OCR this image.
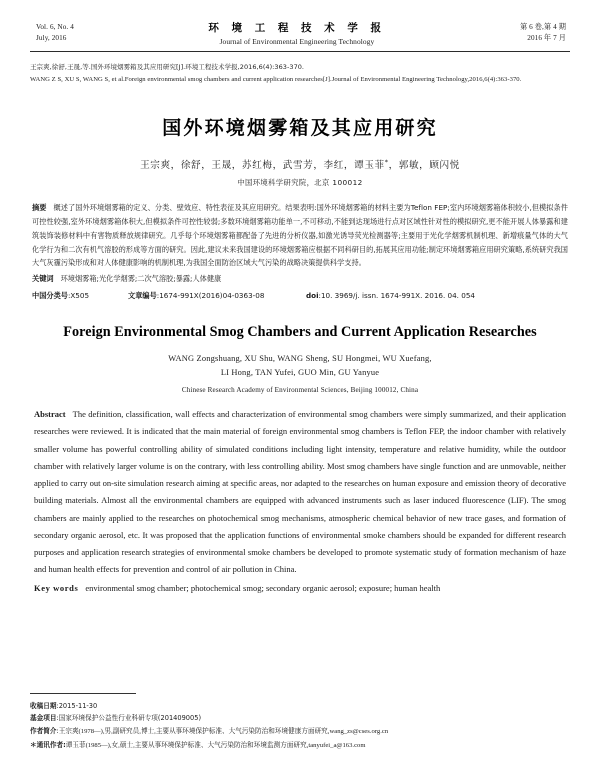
Vol. 6, No. 4
July, 2016
环 境 工 程 技 术 学 报
Journal of Environmental Engineering Technology
第 6 卷,第 4 期
2016 年 7 月
王宗爽,徐舒,王晟,等.国外环境烟雾箱及其应用研究[J].环境工程技术学报,2016,6(4):363-370.
WANG Z S, XU S, WANG S, et al.Foreign environmental smog chambers and current application researches[J].Journal of Environmental Engineering Technology,2016,6(4):363-370.
国外环境烟雾箱及其应用研究
王宗爽，徐舒，王晟，苏红梅，武雪芳，李红，谭玉菲*，郭敏，顾闪悦
中国环境科学研究院，北京 100012
摘要 概述了国外环境烟雾箱的定义、分类、壁效应、特性表征及其应用研究。结果表明:国外环境烟雾箱的材料主要为Teflon FEP;室内环境烟雾箱体积较小,但模拟条件可控性较强,室外环境烟雾箱体积大,但模拟条件可控性较弱;多数环境烟雾箱功能单一,不可移动,不能到达现场进行点对区域性针对性的模拟研究,更不能开展人体暴露和建筑装饰装修材料中有害物质释放规律研究。几乎每个环境烟雾箱都配备了先进的分析仪器,如激光诱导荧光检测器等;主要用于光化学烟雾机制机理、新增痕量气体的大气化学行为和二次有机气溶胶的形成等方面的研究。因此,建议未来我国建设的环境烟雾箱应根据不同科研目的,拓展其应用功能;制定环境烟雾箱应用研究策略,系统研究我国大气灰霾污染形成和对人体健康影响的机制机理,为我国全面防治区域大气污染的战略决策提供科学支持。
关键词 环境烟雾箱;光化学烟雾;二次气溶胶;暴露;人体健康
中国分类号:X505	文章编号:1674-991X(2016)04-0363-08	doi:10. 3969/j. issn. 1674-991X. 2016. 04. 054
Foreign Environmental Smog Chambers and Current Application Researches
WANG Zongshuang, XU Shu, WANG Sheng, SU Hongmei, WU Xuefang,
LI Hong, TAN Yufei, GUO Min, GU Yanyue
Chinese Research Academy of Environmental Sciences, Beijing 100012, China
Abstract The definition, classification, wall effects and characterization of environmental smog chambers were simply summarized, and their application researches were reviewed. It is indicated that the main material of foreign environmental smog chambers is Teflon FEP, the indoor chamber with relatively smaller volume has powerful controlling ability of simulated conditions including light intensity, temperature and relative humidity, while the outdoor chamber with relatively larger volume is on the contrary, with less controlling ability. Most smog chambers have single function and are unmovable, neither applied to carry out on-site simulation research aiming at specific areas, nor adapted to the researches on human exposure and emission theory of decorative building materials. Almost all the environmental chambers are equipped with advanced instruments such as laser induced fluorescence (LIF). The smog chambers are mainly applied to the researches on photochemical smog mechanisms, atmospheric chemical behavior of new trace gases, and formation of secondary organic aerosol, etc. It was proposed that the application functions of environmental smoke chambers should be expanded for different research purposes and application research strategies of environmental smoke chambers be developed to promote systematic study of formation mechanism of haze and human health effects for prevention and control of air pollution in China.
Key words environmental smog chamber; photochemical smog; secondary organic aerosol; exposure; human health
收稿日期:2015-11-30
基金项目:国家环境保护公益性行业科研专项(201409005)
作者简介:王宗爽(1978—),男,副研究员,博士,主要从事环境保护标准、大气污染防治和环境健康方面研究,wang_zs@cses.org.cn
＊通讯作者:谭玉菲(1985—),女,硕士,主要从事环境保护标准、大气污染防治和环境监测方面研究,tanyufei_a@163.com
